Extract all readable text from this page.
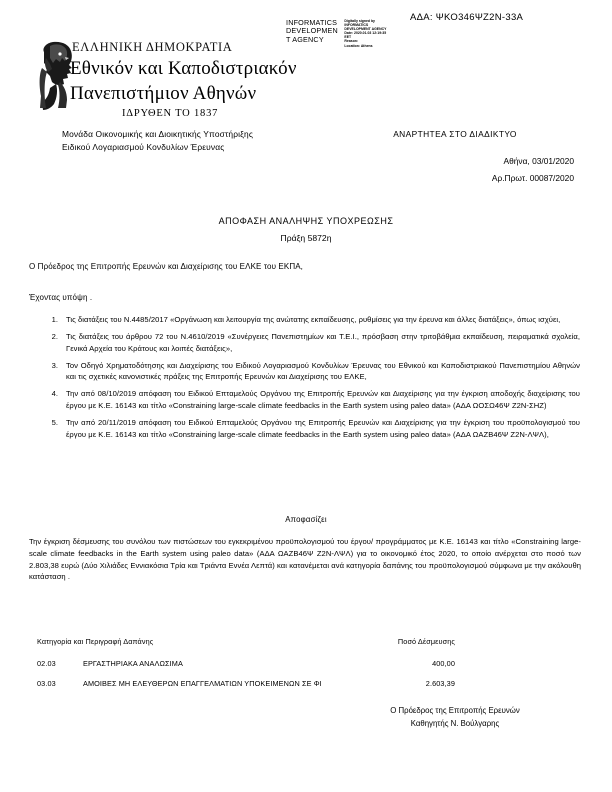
ΑΔΑ: ΨΚΟ346ΨΖ2Ν-33Α
INFORMATICS DEVELOPMEN T AGENCY
Digitally signed by
INFORMATICS
DEVELOPMENT AGENCY
Date: 2020.01.03 12:19:35
EET
Reason:
Location: Athens
ΕΛΛΗΝΙΚΗ ΔΗΜΟΚΡΑΤΙΑ
Εθνικόν και Καποδιστριακόν
Πανεπιστήμιον Αθηνών
ΙΔΡΥΘΕΝ ΤΟ 1837
Μονάδα Οικονομικής και Διοικητικής Υποστήριξης
Ειδικού Λογαριασμού Κονδυλίων Έρευνας
ΑΝΑΡΤΗΤΕΑ ΣΤΟ ΔΙΑΔΙΚΤΥΟ
Αθήνα, 03/01/2020
Αρ.Πρωτ. 00087/2020
ΑΠΟΦΑΣΗ ΑΝΑΛΗΨΗΣ ΥΠΟΧΡΕΩΣΗΣ
Πράξη 5872η
Ο Πρόεδρος της Επιτροπής Ερευνών και Διαχείρισης του ΕΛΚΕ του ΕΚΠΑ,
Έχοντας υπόψη .
1. Τις διατάξεις του Ν.4485/2017 «Οργάνωση και λειτουργία της ανώτατης εκπαίδευσης, ρυθμίσεις για την έρευνα και άλλες διατάξεις», όπως ισχύει,
2. Τις διατάξεις του άρθρου 72 του Ν.4610/2019 «Συνέργειες Πανεπιστημίων και Τ.Ε.Ι., πρόσβαση στην τριτοβάθμια εκπαίδευση, πειραματικά σχολεία, Γενικά Αρχεία του Κράτους και λοιπές διατάξεις»,
3. Τον Οδηγό Χρηματοδότησης και Διαχείρισης του Ειδικού Λογαριασμού Κονδυλίων Έρευνας του Εθνικού και Καποδιστριακού Πανεπιστημίου Αθηνών και τις σχετικές κανονιστικές πράξεις της Επιτροπής Ερευνών και Διαχείρισης του ΕΛΚΕ,
4. Την από 08/10/2019 απόφαση του Ειδικού Επταμελούς Οργάνου της Επιτροπής Ερευνών και Διαχείρισης για την έγκριση αποδοχής διαχείρισης του έργου με Κ.Ε. 16143 και τίτλο «Constraining large-scale climate feedbacks in the Earth system using paleo data» (ΑΔΑ ΩΟΣΩ46Ψ Ζ2Ν-ΣΗΖ)
5. Την από 20/11/2019 απόφαση του Ειδικού Επταμελούς Οργάνου της Επιτροπής Ερευνών και Διαχείρισης για την έγκριση του προϋπολογισμού του έργου με Κ.Ε. 16143 και τίτλο «Constraining large-scale climate feedbacks in the Earth system using paleo data» (ΑΔΑ ΩΑΖΒ46Ψ Ζ2Ν-ΛΨΛ),
Αποφασίζει
Την έγκριση δέσμευσης του συνόλου των πιστώσεων του εγκεκριμένου προϋπολογισμού του έργου/ προγράμματος με Κ.Ε. 16143 και τίτλο «Constraining large-scale climate feedbacks in the Earth system using paleo data» (ΑΔΑ ΩΑΖΒ46Ψ Ζ2Ν-ΛΨΛ) για το οικονομικό έτος 2020, το οποίο ανέρχεται στο ποσό των 2.803,38 ευρώ (Δύο Χιλιάδες Εννιακόσια Τρία και Τριάντα Εννέα Λεπτά) και κατανέμεται ανά κατηγορία δαπάνης του προϋπολογισμού σύμφωνα με την ακόλουθη κατάσταση .
Κατηγορία και Περιγραφή Δαπάνης		Ποσό Δέσμευσης
02.03	ΕΡΓΑΣΤΗΡΙΑΚΑ ΑΝΑΛΩΣΙΜΑ	400,00
03.03	ΑΜΟΙΒΕΣ ΜΗ ΕΛΕΥΘΕΡΩΝ ΕΠΑΓΓΕΛΜΑΤΙΩΝ ΥΠΟΚΕΙΜΕΝΩΝ ΣΕ ΦΙ	2.603,39
Ο Πρόεδρος της Επιτροπής Ερευνών
Καθηγητής Ν. Βούλγαρης
